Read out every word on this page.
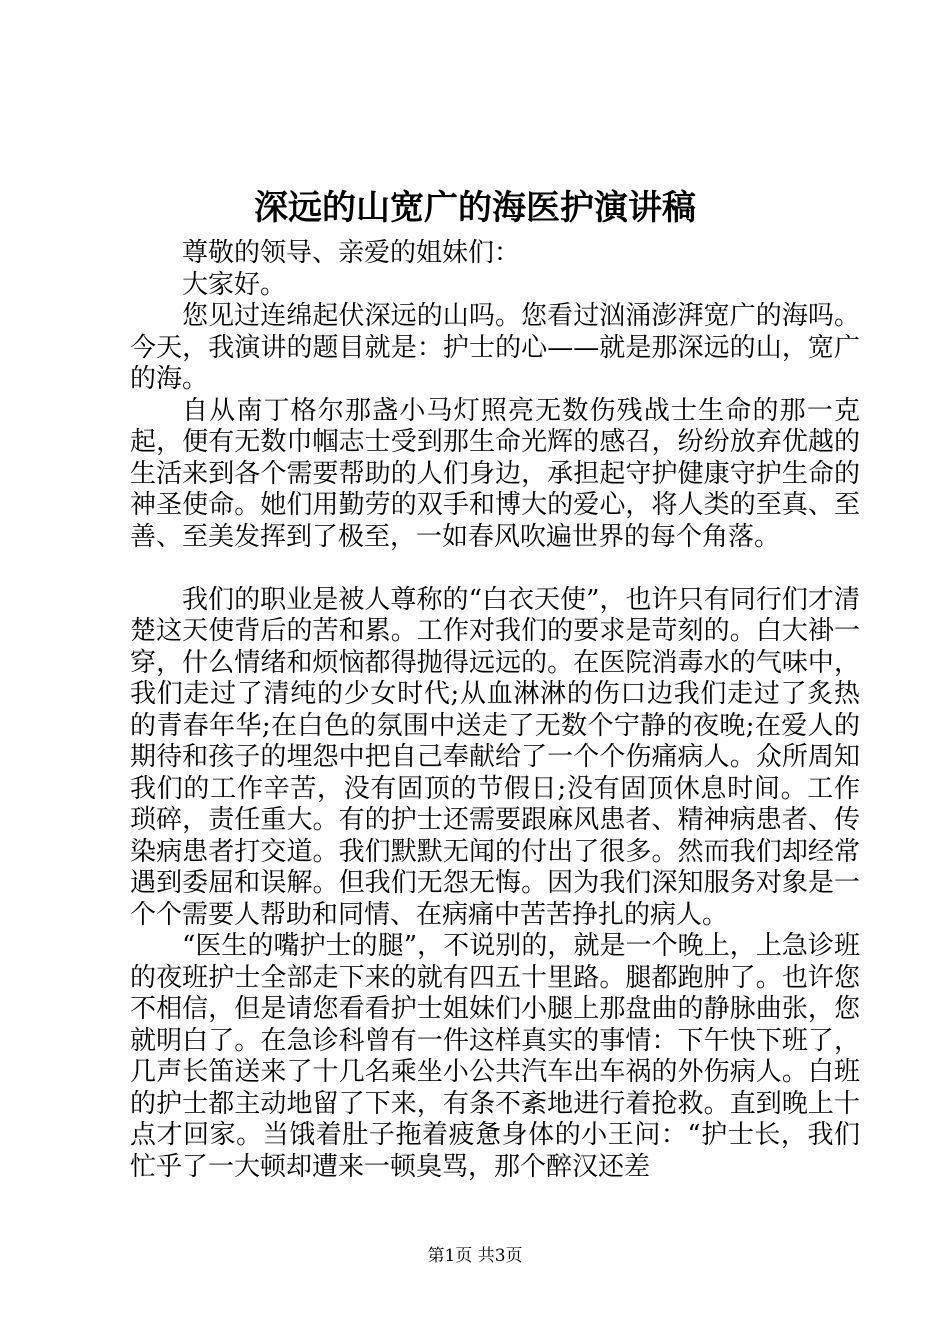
深远的山宽广的海医护演讲稿

尊敬的领导、亲爱的姐妹们：

大家好。

您见过连绵起伏深远的山吗。您看过汹涌澎湃宽广的海吗。今天，我演讲的题目就是：护士的心——就是那深远的山，宽广的海。

自从南丁格尔那盏小马灯照亮无数伤残战士生命的那一克起，便有无数巾帼志士受到那生命光辉的感召，纷纷放弃优越的生活来到各个需要帮助的人们身边，承担起守护健康守护生命的神圣使命。她们用勤劳的双手和博大的爱心，将人类的至真、至善、至美发挥到了极至，一如春风吹遍世界的每个角落。

我们的职业是被人尊称的“白衣天使”，也许只有同行们才清楚这天使背后的苦和累。工作对我们的要求是苛刻的。白大褂一穿，什么情绪和烦恼都得抛得远远的。在医院消毒水的气味中，我们走过了清纯的少女时代;从血淋淋的伤口边我们走过了炙热的青春年华;在白色的氛围中送走了无数个宁静的夜晚;在爱人的期待和孩子的埋怨中把自己奉献给了一个个伤痛病人。众所周知我们的工作辛苦，没有固顶的节假日;没有固顶休息时间。工作琐碎，责任重大。有的护士还需要跟麻风患者、精神病患者、传染病患者打交道。我们默默无闻的付出了很多。然而我们却经常遇到委屈和误解。但我们无怨无悔。因为我们深知服务对象是一个个需要人帮助和同情、在病痛中苦苦挣扎的病人。

“医生的嘴护士的腿”，不说别的，就是一个晚上，上急诊班的夜班护士全部走下来的就有四五十里路。腿都跑肿了。也许您不相信，但是请您看看护士姐妹们小腿上那盘曲的静脉曲张，您就明白了。在急诊科曾有一件这样真实的事情：下午快下班了，几声长笛送来了十几名乘坐小公共汽车出车祸的外伤病人。白班的护士都主动地留了下来，有条不紊地进行着抢救。直到晚上十点才回家。当饿着肚子拖着疲惫身体的小王问：“护士长，我们忙乎了一大顿却遭来一顿臭骂，那个醉汉还差

第1页 共3页
